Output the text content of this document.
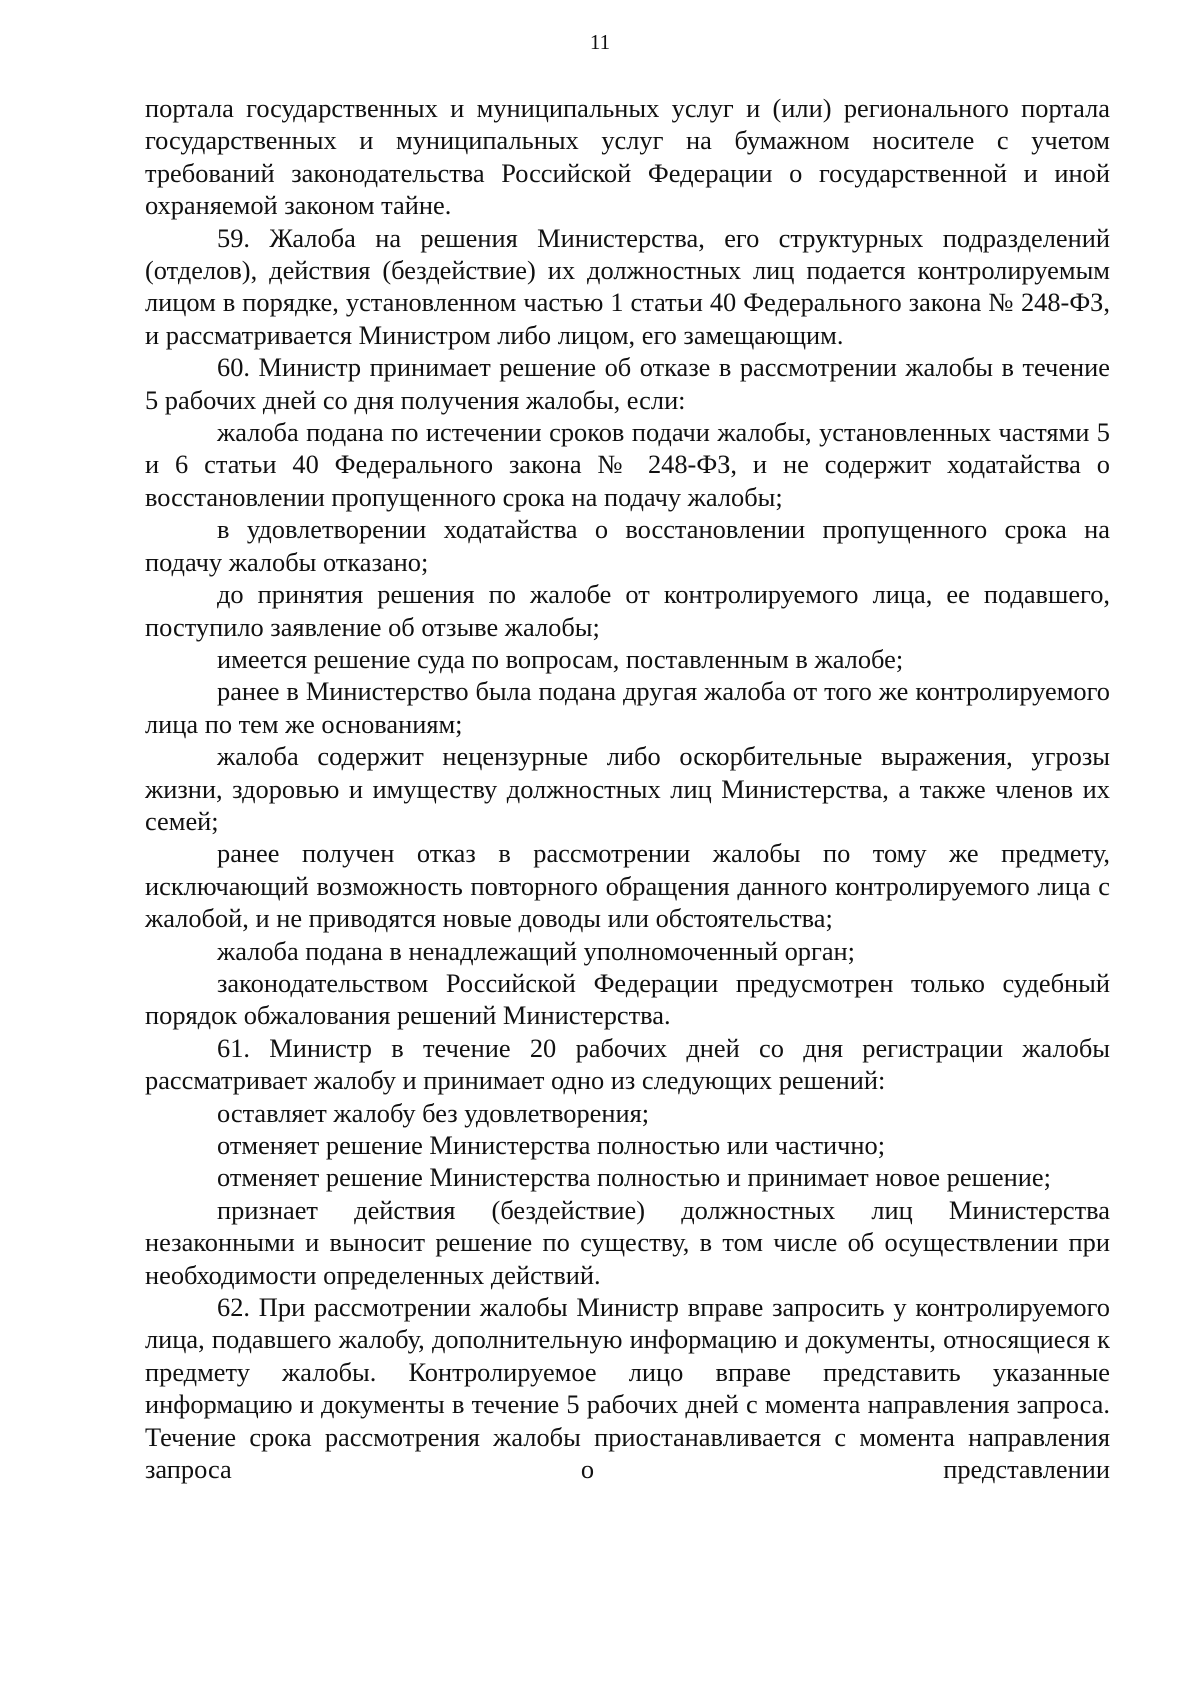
11

портала государственных и муниципальных услуг и (или) регионального портала государственных и муниципальных услуг на бумажном носителе с учетом требований законодательства Российской Федерации о государственной и иной охраняемой законом тайне.

59. Жалоба на решения Министерства, его структурных подразделений (отделов), действия (бездействие) их должностных лиц подается контролируемым лицом в порядке, установленном частью 1 статьи 40 Федерального закона № 248-ФЗ, и рассматривается Министром либо лицом, его замещающим.

60. Министр принимает решение об отказе в рассмотрении жалобы в течение 5 рабочих дней со дня получения жалобы, если:

жалоба подана по истечении сроков подачи жалобы, установленных частями 5 и 6 статьи 40 Федерального закона № 248-ФЗ, и не содержит ходатайства о восстановлении пропущенного срока на подачу жалобы;

в удовлетворении ходатайства о восстановлении пропущенного срока на подачу жалобы отказано;

до принятия решения по жалобе от контролируемого лица, ее подавшего, поступило заявление об отзыве жалобы;

имеется решение суда по вопросам, поставленным в жалобе;

ранее в Министерство была подана другая жалоба от того же контролируемого лица по тем же основаниям;

жалоба содержит нецензурные либо оскорбительные выражения, угрозы жизни, здоровью и имуществу должностных лиц Министерства, а также членов их семей;

ранее получен отказ в рассмотрении жалобы по тому же предмету, исключающий возможность повторного обращения данного контролируемого лица с жалобой, и не приводятся новые доводы или обстоятельства;

жалоба подана в ненадлежащий уполномоченный орган;

законодательством Российской Федерации предусмотрен только судебный порядок обжалования решений Министерства.

61. Министр в течение 20 рабочих дней со дня регистрации жалобы рассматривает жалобу и принимает одно из следующих решений:

оставляет жалобу без удовлетворения;

отменяет решение Министерства полностью или частично;

отменяет решение Министерства полностью и принимает новое решение;

признает действия (бездействие) должностных лиц Министерства незаконными и выносит решение по существу, в том числе об осуществлении при необходимости определенных действий.

62. При рассмотрении жалобы Министр вправе запросить у контролируемого лица, подавшего жалобу, дополнительную информацию и документы, относящиеся к предмету жалобы. Контролируемое лицо вправе представить указанные информацию и документы в течение 5 рабочих дней с момента направления запроса. Течение срока рассмотрения жалобы приостанавливается с момента направления запроса о представлении
